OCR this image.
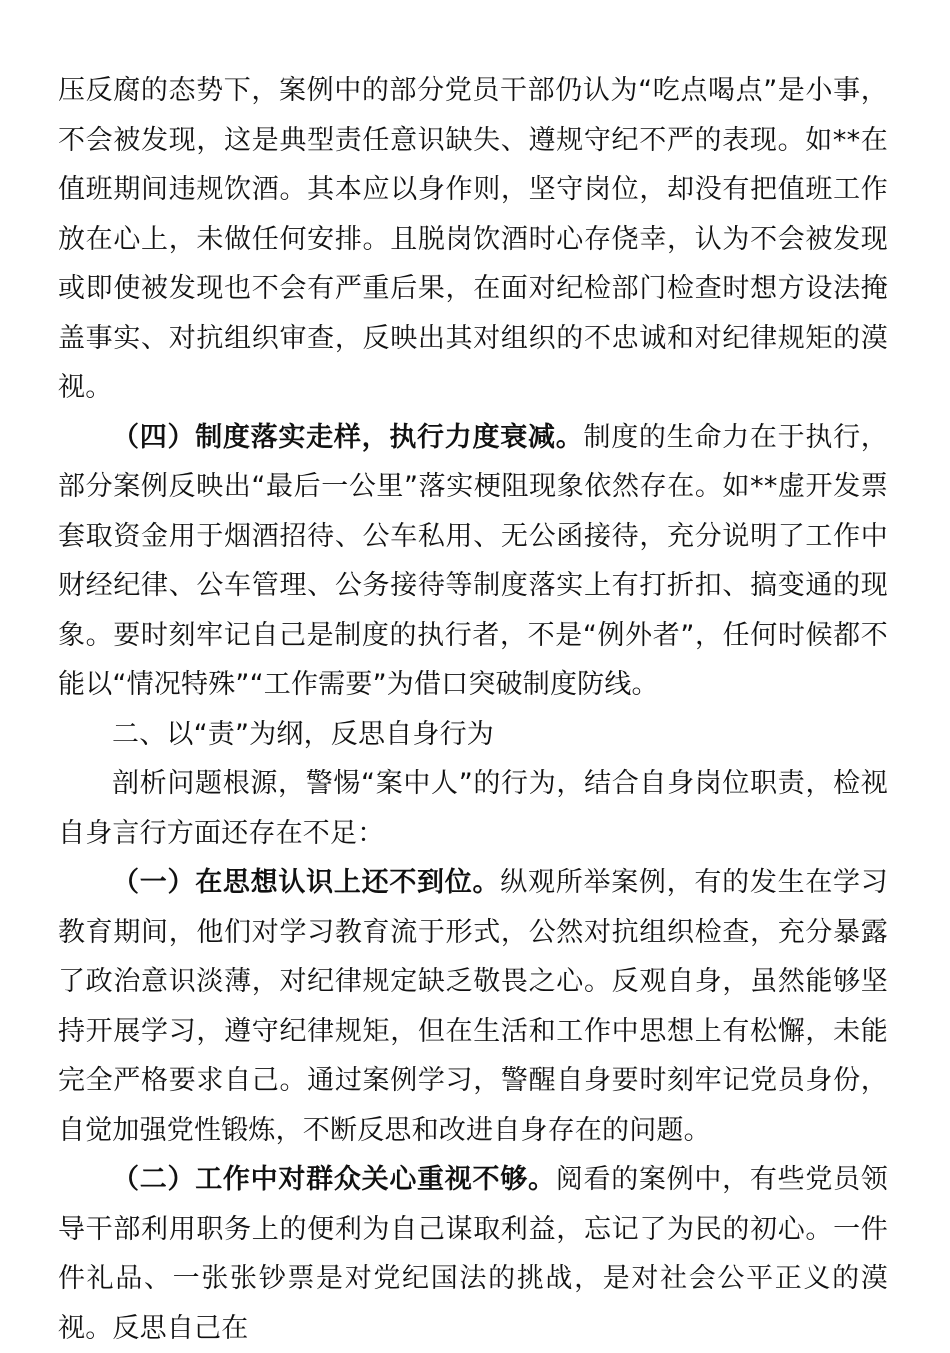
压反腐的态势下，案例中的部分党员干部仍认为“吃点喝点”是小事，不会被发现，这是典型责任意识缺失、遵规守纪不严的表现。如**在值班期间违规饮酒。其本应以身作则，坚守岗位，却没有把值班工作放在心上，未做任何安排。且脱岗饮酒时心存侥幸，认为不会被发现或即使被发现也不会有严重后果，在面对纪检部门检查时想方设法掩盖事实、对抗组织审查，反映出其对组织的不忠诚和对纪律规矩的漠视。

（四）制度落实走样，执行力度衰减。制度的生命力在于执行，部分案例反映出“最后一公里”落实梗阻现象依然存在。如**虚开发票套取资金用于烟酒招待、公车私用、无公函接待，充分说明了工作中财经纪律、公车管理、公务接待等制度落实上有打折扣、搞变通的现象。要时刻牢记自己是制度的执行者，不是“例外者”，任何时候都不能以“情况特殊”“工作需要”为借口突破制度防线。

二、以“责”为纲，反思自身行为

剖析问题根源，警惕“案中人”的行为，结合自身岗位职责，检视自身言行方面还存在不足：

（一）在思想认识上还不到位。纵观所举案例，有的发生在学习教育期间，他们对学习教育流于形式，公然对抗组织检查，充分暴露了政治意识淡薄，对纪律规定缺乏敬畏之心。反观自身，虽然能够坚持开展学习，遵守纪律规矩，但在生活和工作中思想上有松懈，未能完全严格要求自己。通过案例学习，警醒自身要时刻牢记党员身份，自觉加强党性锻炼，不断反思和改进自身存在的问题。

（二）工作中对群众关心重视不够。阅看的案例中，有些党员领导干部利用职务上的便利为自己谋取利益，忘记了为民的初心。一件件礼品、一张张钞票是对党纪国法的挑战，是对社会公平正义的漠视。反思自己在
